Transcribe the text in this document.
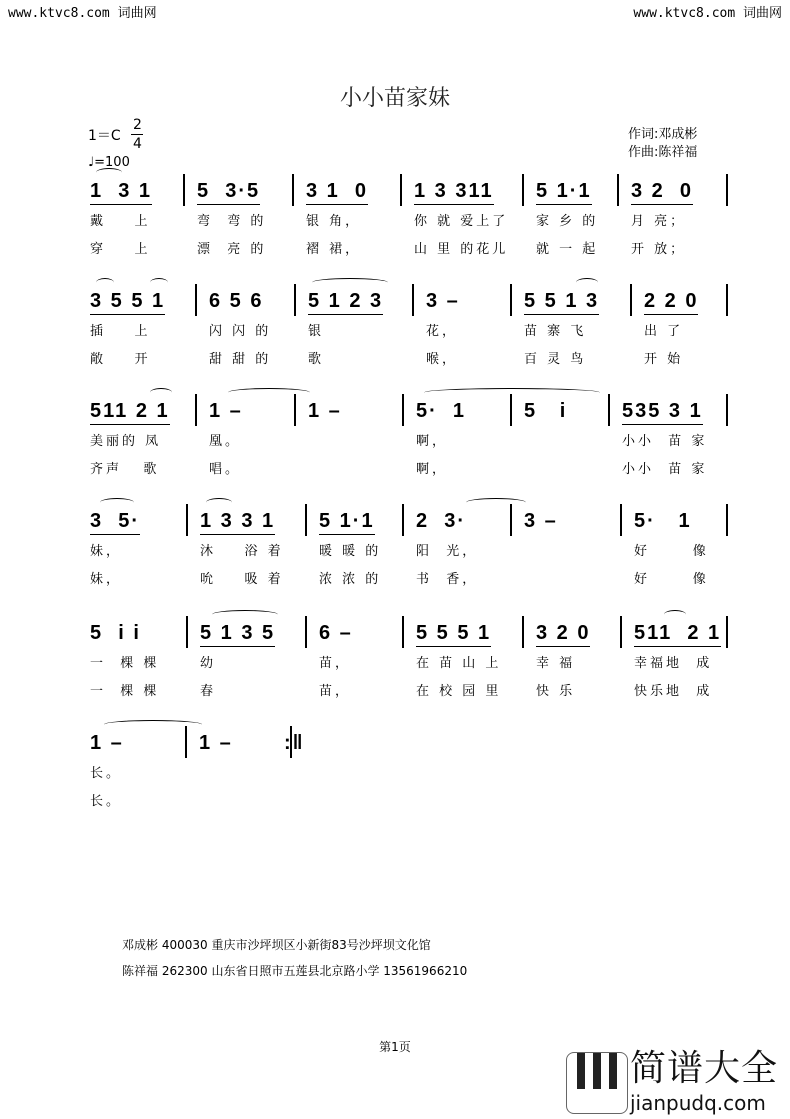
www.ktvc8.com 词曲网	www.ktvc8.com 词曲网
小小苗家妹
1＝C
2
4
♩=100
作词:邓成彬
作曲:陈祥福
1  3 1
戴    上
穿    上
5  3·5
弯  弯 的
漂  亮 的
3 1  0
银 角，
褶 裙，
1 3 311
你 就 爱上了
山 里 的花儿
5 1·1
家 乡 的
就 一 起
3 2  0
月 亮；
开 放；
3 5 5 1
插    上
敞    开
6 5 6
闪 闪 的
甜 甜 的
5 1 2 3
银
歌
3 –
花，
喉，
5 5 1 3
苗 寨 飞
百 灵 鸟
2 2 0
出 了
开 始
511 2 1
美丽的 凤
齐声   歌
1 –
凰。
唱。
1 –	5·  1
啊，
啊，
5   i	535 3 1
小小  苗 家
小小  苗 家
3  5·
妹，
妹，
1 3 3 1
沐    浴 着
吮    吸 着
5 1·1
暖 暖 的
浓 浓 的
2  3·
阳  光，
书  香，
3 –	5·   1
好      像
好      像
5  i i
一  棵 棵
一  棵 棵
5 1 3 5
幼
春
6 –
苗，
苗，
5 5 5 1
在 苗 山 上
在 校 园 里
3 2 0
幸 福
快 乐
511  2 1
幸福地  成
快乐地  成
1 –
长。
长。
1 –	:‖
邓成彬 400030 重庆市沙坪坝区小新街83号沙坪坝文化馆
陈祥福 262300 山东省日照市五莲县北京路小学 13561966210
第1页
简谱大全
jianpudq.com
